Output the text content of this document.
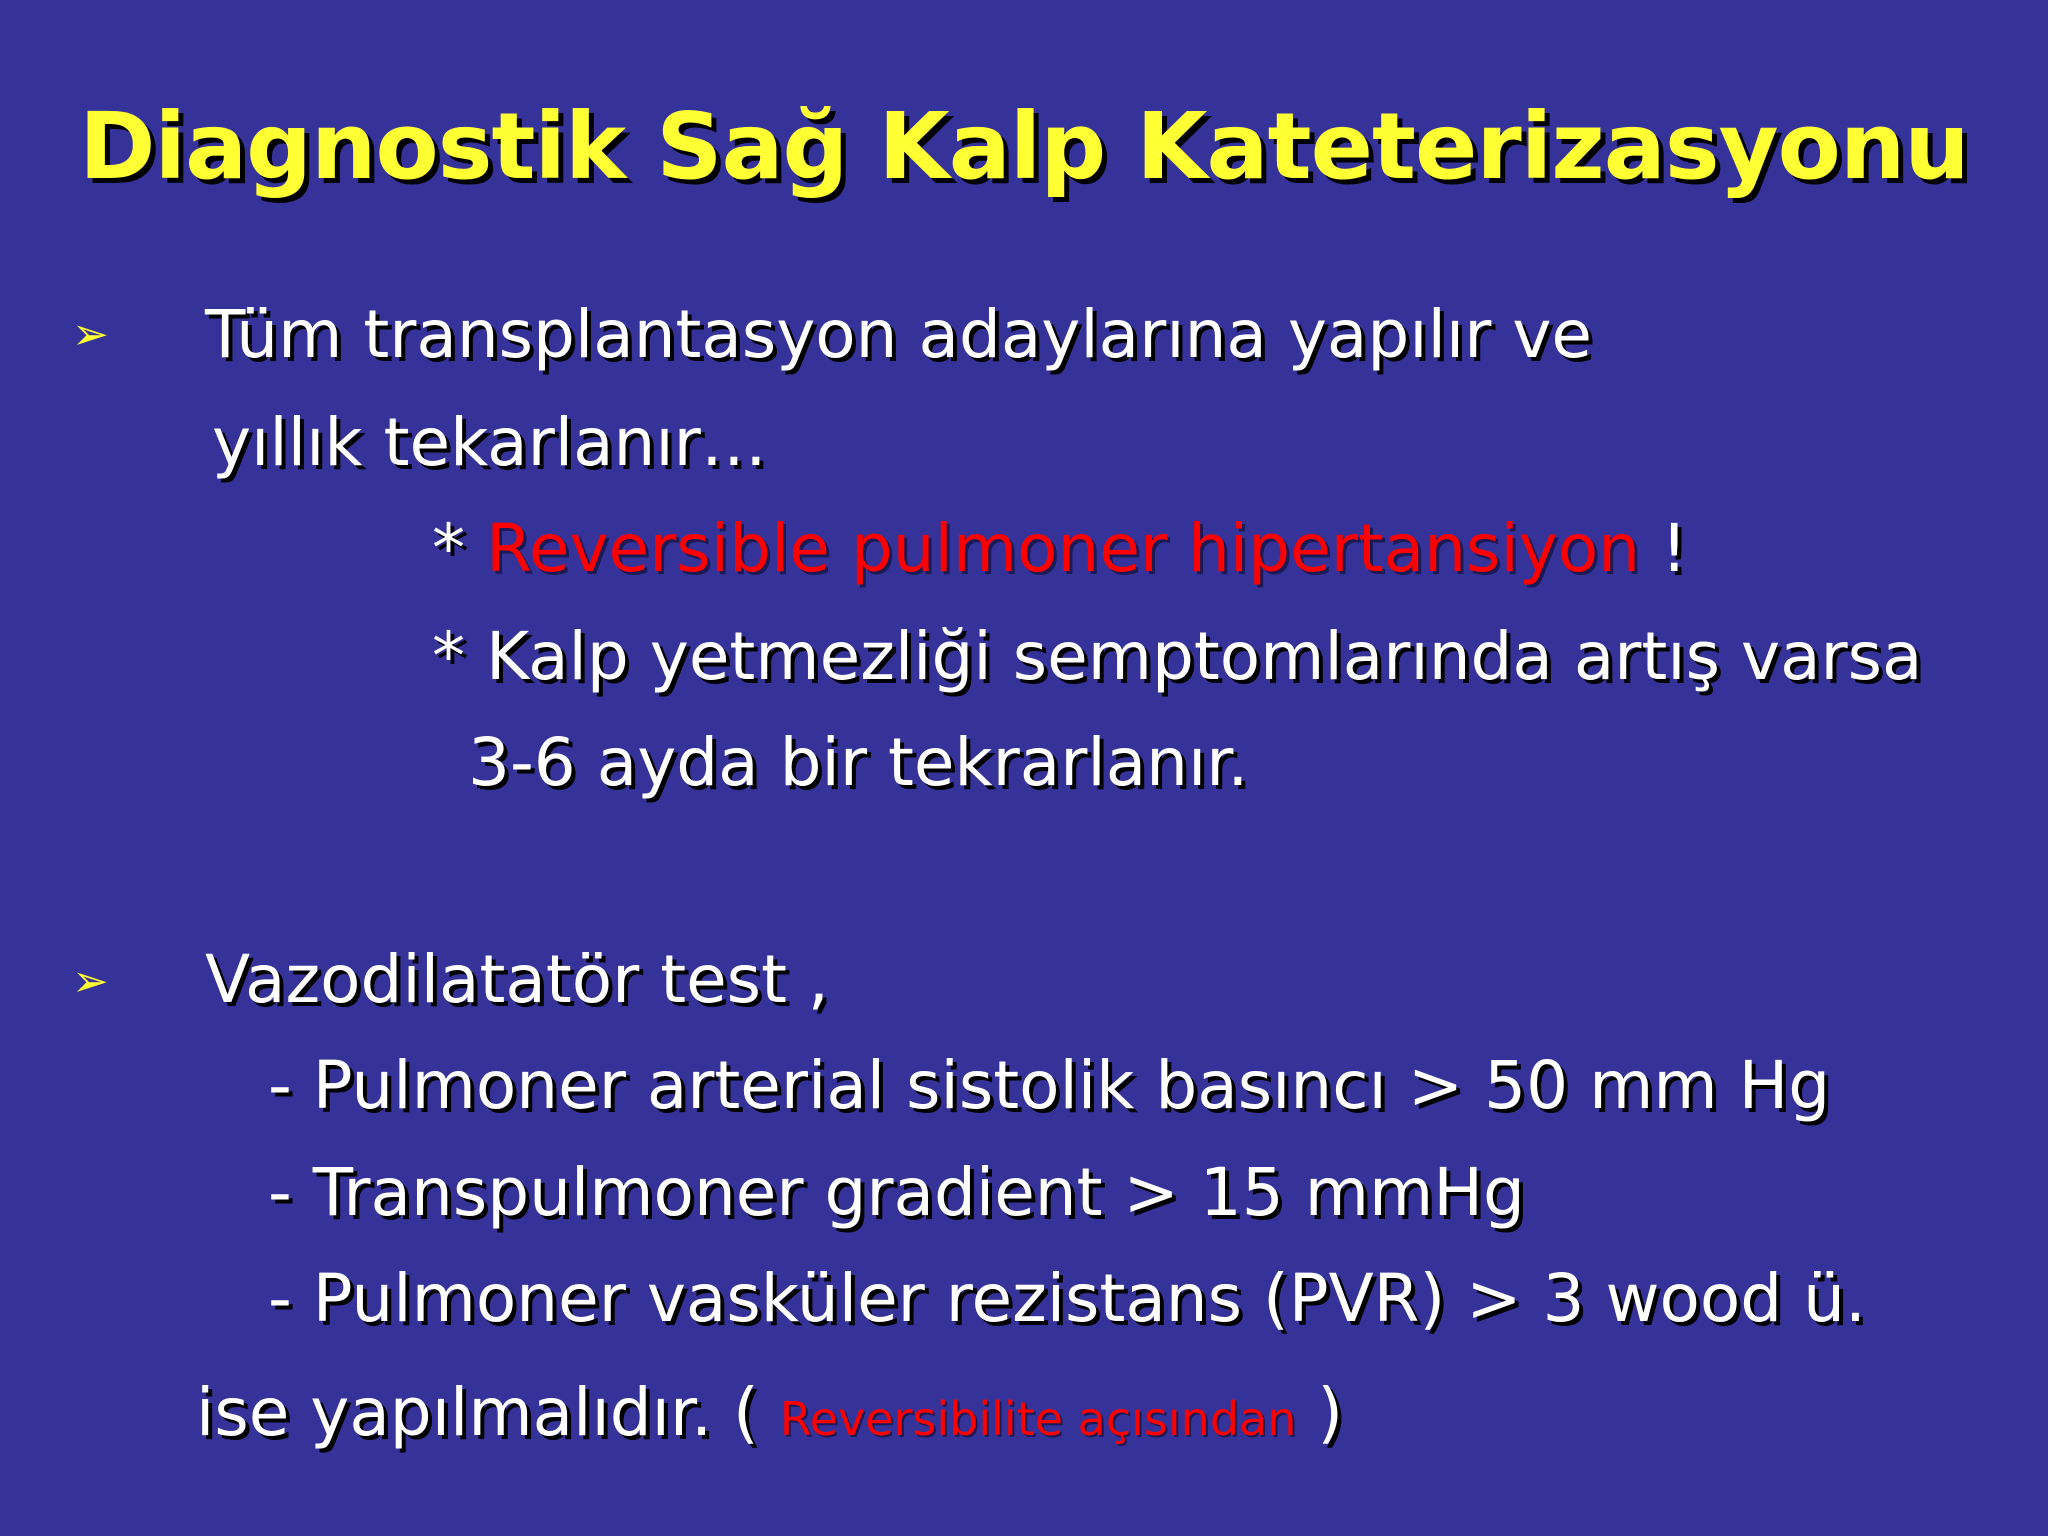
Diagnostik Sağ Kalp Kateterizasyonu
➢ Tüm transplantasyon adaylarına yapılır ve
yıllık tekarlanır…
* Reversible pulmoner hipertansiyon !
* Kalp yetmezliği semptomlarında artış varsa
3-6 ayda bir tekrarlanır.
➢ Vazodilatatör test ,
- Pulmoner arterial sistolik basıncı > 50 mm Hg
- Transpulmoner gradient > 15 mmHg
- Pulmoner vasküler rezistans (PVR) > 3 wood ü.
ise yapılmalıdır. ( Reversibilite açısından )
